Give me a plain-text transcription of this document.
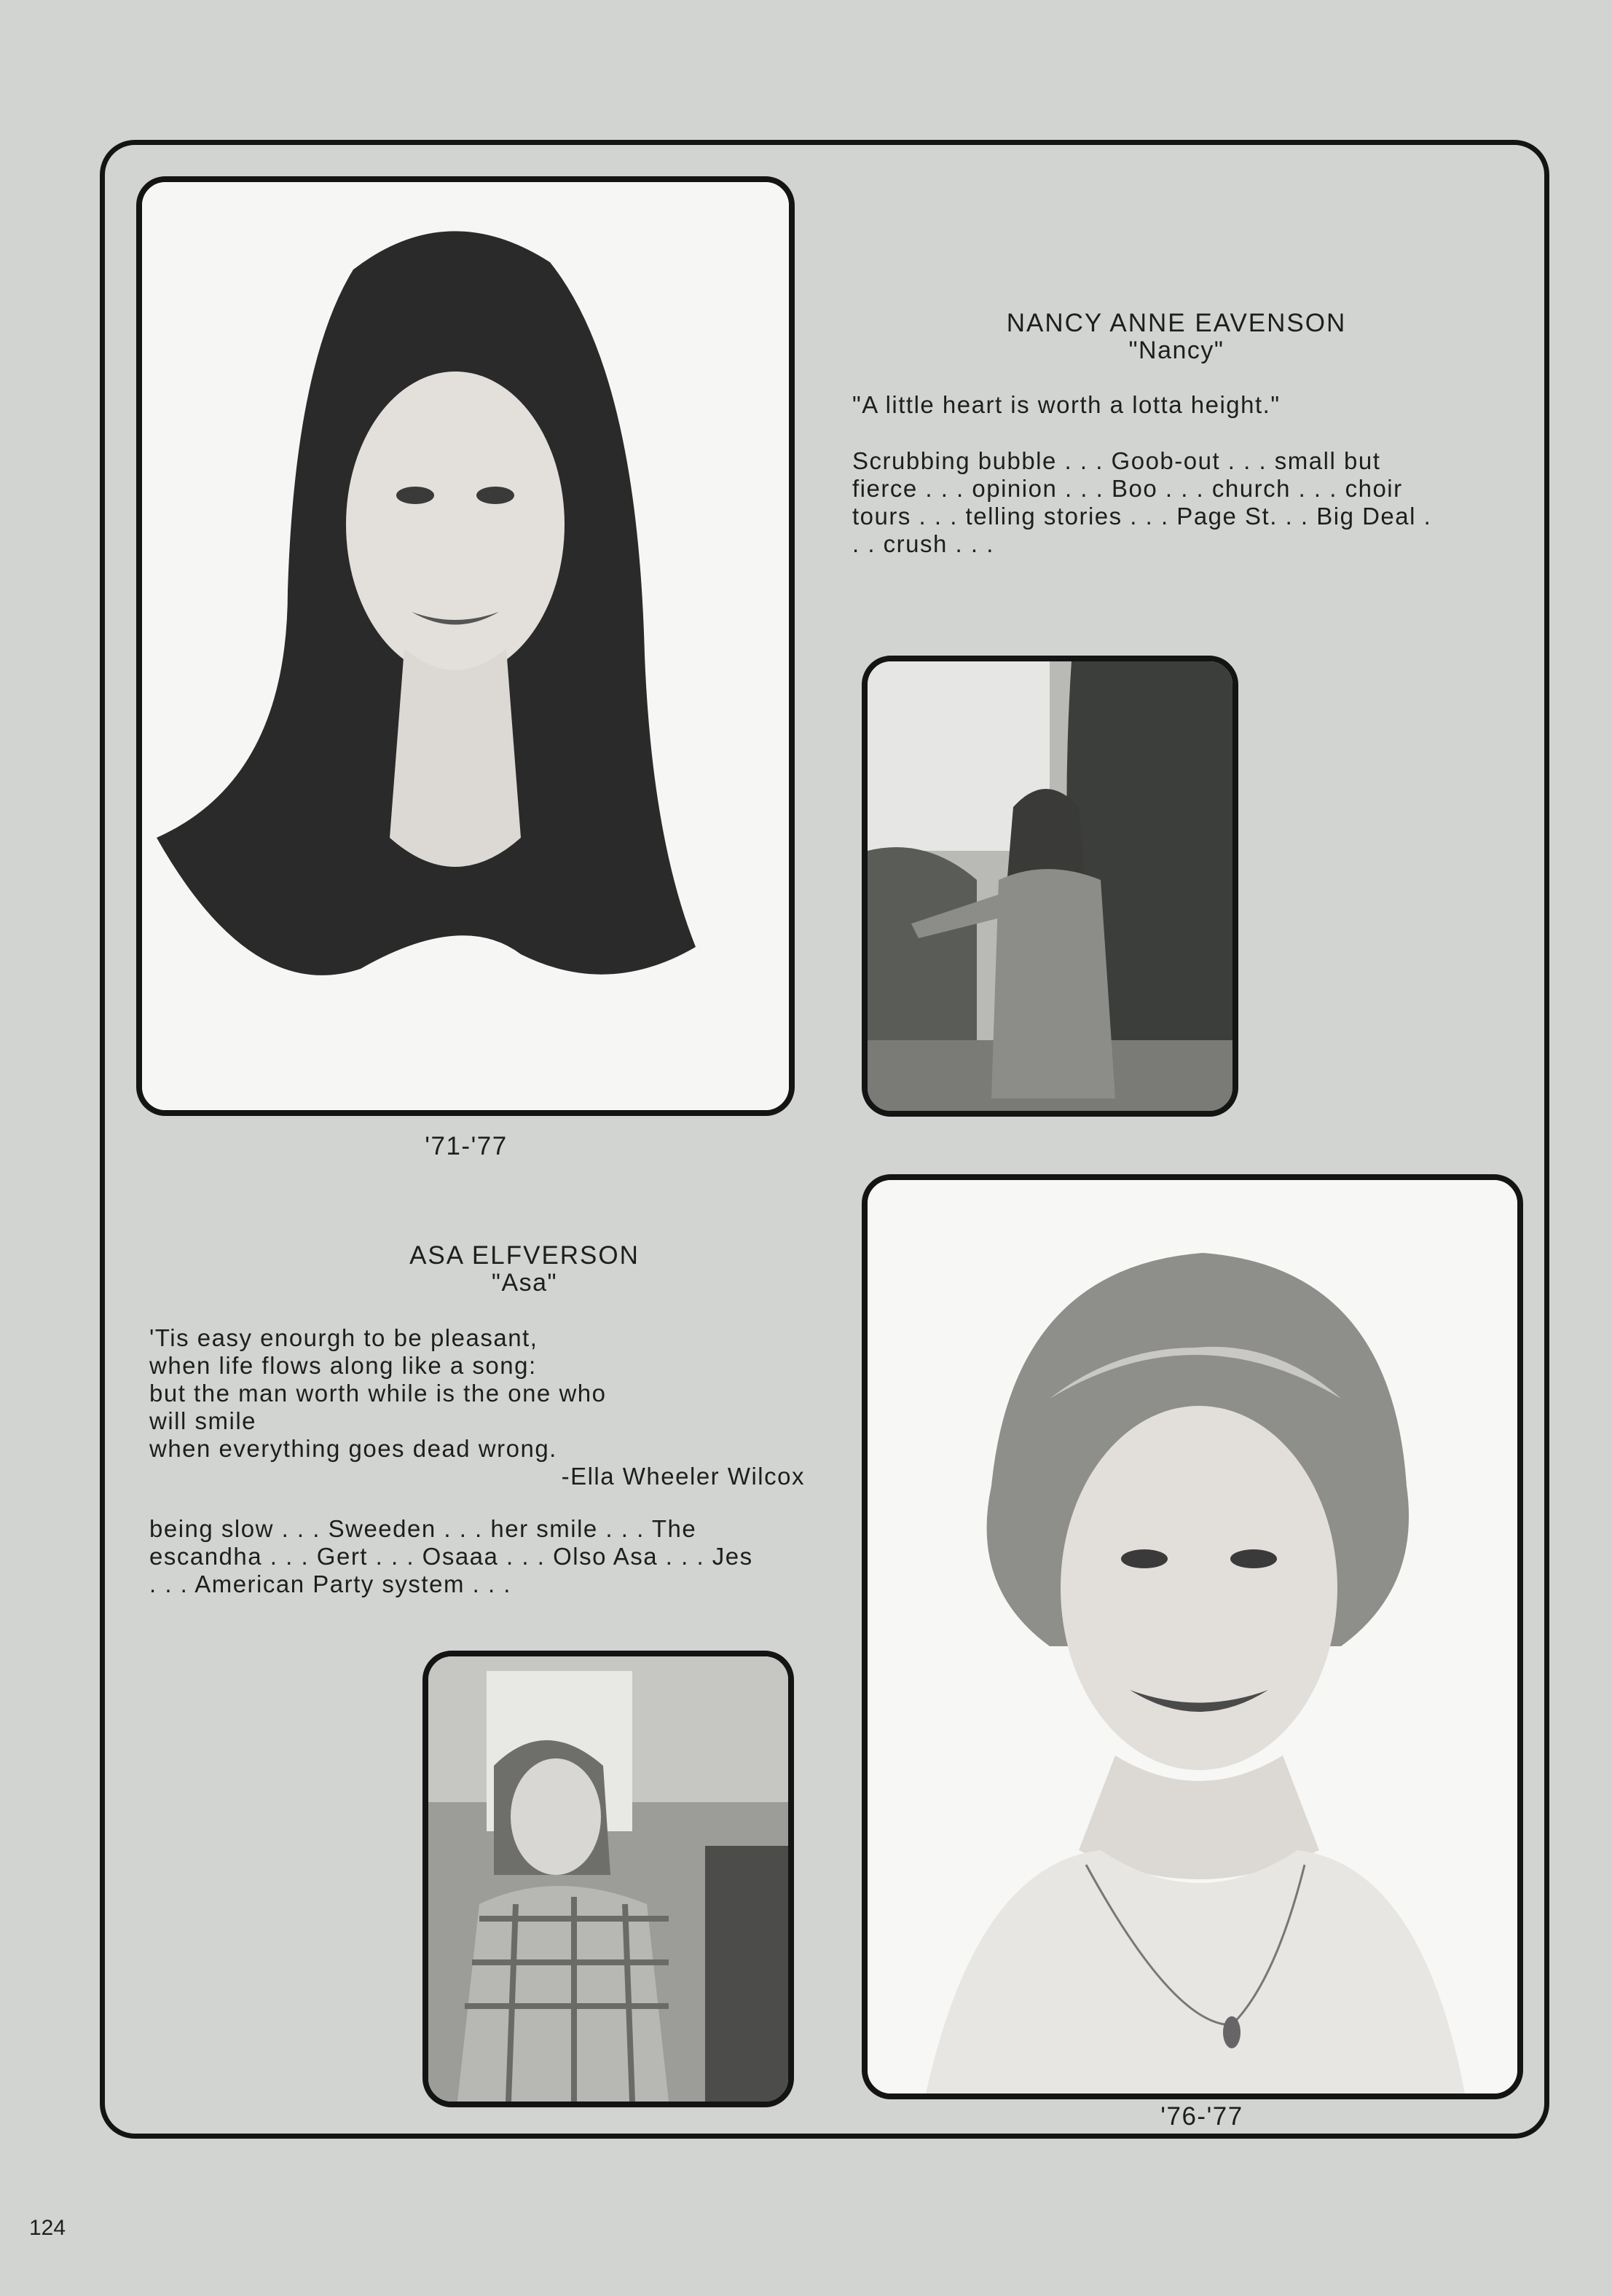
NANCY ANNE EAVENSON
"Nancy"
"A little heart is worth a lotta height."
Scrubbing bubble . . . Goob-out . . . small but
fierce . . . opinion . . . Boo . . . church . . . choir
tours . . . telling stories . . . Page St. . . Big Deal .
. . crush . . .
'71-'77
ASA ELFVERSON
"Asa"
'Tis easy enourgh to be pleasant,
when life flows along like a song:
but the man worth while is the one who
will smile
when everything goes dead wrong.
-Ella Wheeler Wilcox
being slow . . . Sweeden . . . her smile . . . The
escandha . . . Gert . . . Osaaa . . . Olso Asa . . . Jes
. . . American Party system . . .
'76-'77
124
